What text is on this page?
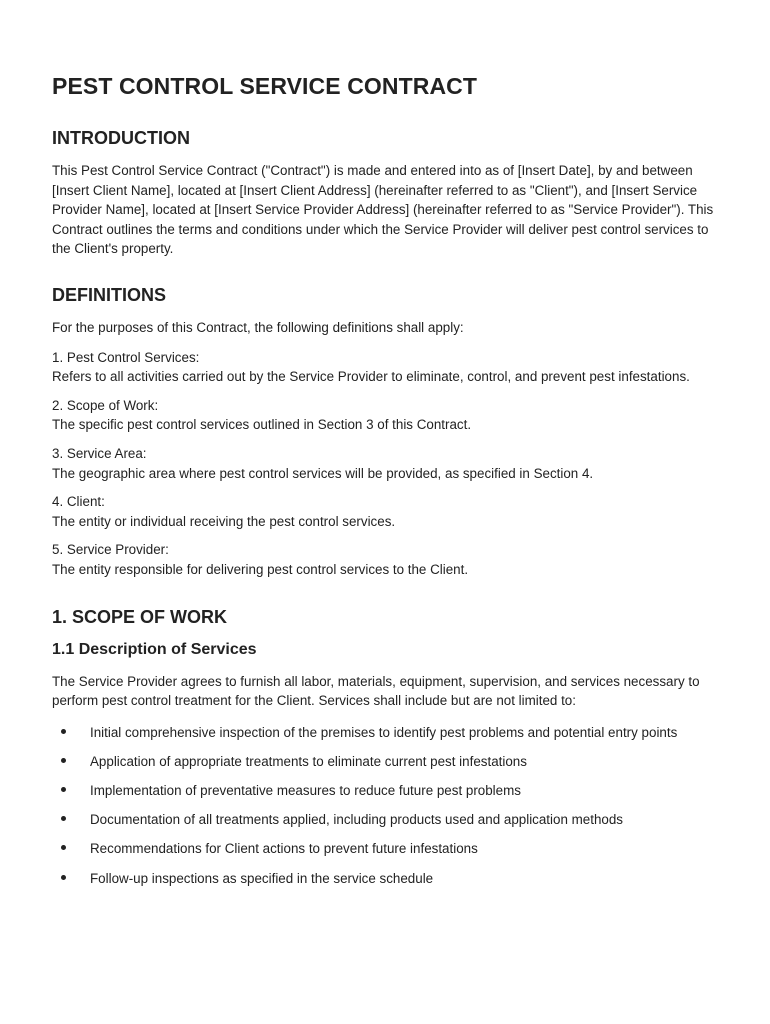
PEST CONTROL SERVICE CONTRACT
INTRODUCTION

This Pest Control Service Contract ("Contract") is made and entered into as of [Insert Date], by and between [Insert Client Name], located at [Insert Client Address] (hereinafter referred to as "Client"), and [Insert Service Provider Name], located at [Insert Service Provider Address] (hereinafter referred to as "Service Provider"). This Contract outlines the terms and conditions under which the Service Provider will deliver pest control services to the Client's property.

DEFINITIONS

For the purposes of this Contract, the following definitions shall apply:

1. Pest Control Services:
Refers to all activities carried out by the Service Provider to eliminate, control, and prevent pest infestations.

2. Scope of Work:
The specific pest control services outlined in Section 3 of this Contract.

3. Service Area:
The geographic area where pest control services will be provided, as specified in Section 4.

4. Client:
The entity or individual receiving the pest control services.

5. Service Provider:
The entity responsible for delivering pest control services to the Client.

1. SCOPE OF WORK
1.1 Description of Services

The Service Provider agrees to furnish all labor, materials, equipment, supervision, and services necessary to perform pest control treatment for the Client. Services shall include but are not limited to:

Initial comprehensive inspection of the premises to identify pest problems and potential entry points
Application of appropriate treatments to eliminate current pest infestations
Implementation of preventative measures to reduce future pest problems
Documentation of all treatments applied, including products used and application methods
Recommendations for Client actions to prevent future infestations
Follow-up inspections as specified in the service schedule
